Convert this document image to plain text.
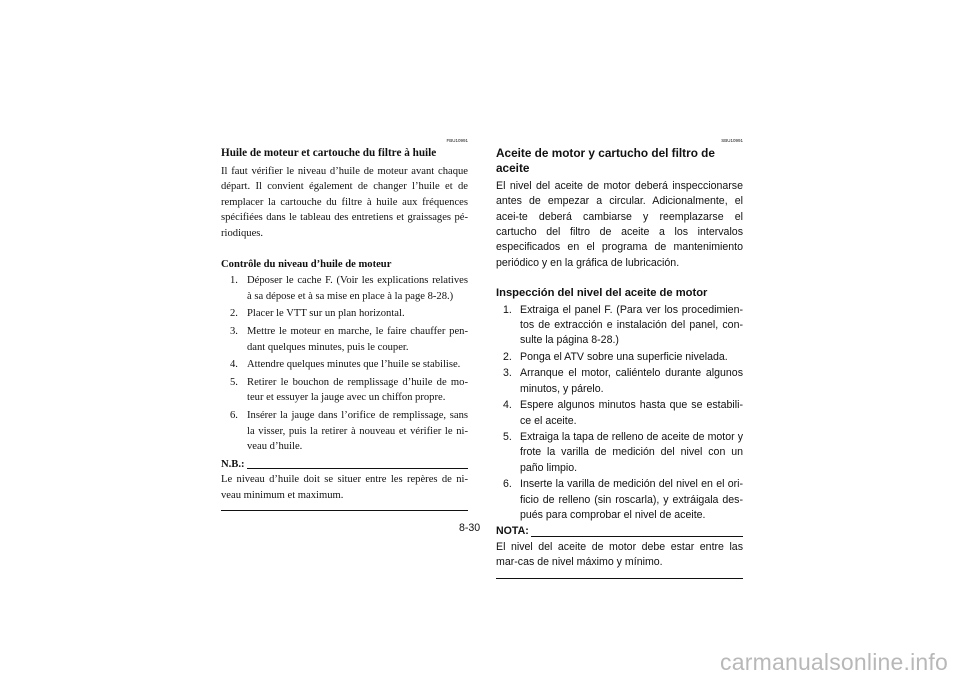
FBU10991
Huile de moteur et cartouche du filtre à huile

Il faut vérifier le niveau d’huile de moteur avant chaque départ. Il convient également de changer l’huile et de remplacer la cartouche du filtre à huile aux fréquences spécifiées dans le tableau des entretiens et graissages pé-riodiques.

Contrôle du niveau d’huile de moteur
1. Déposer le cache F. (Voir les explications relatives à sa dépose et à sa mise en place à la page 8-28.)
2. Placer le VTT sur un plan horizontal.
3. Mettre le moteur en marche, le faire chauffer pen-dant quelques minutes, puis le couper.
4. Attendre quelques minutes que l’huile se stabilise.
5. Retirer le bouchon de remplissage d’huile de mo-teur et essuyer la jauge avec un chiffon propre.
6. Insérer la jauge dans l’orifice de remplissage, sans la visser, puis la retirer à nouveau et vérifier le ni-veau d’huile.
N.B.:
Le niveau d’huile doit se situer entre les repères de ni-veau minimum et maximum.
SBU10991
Aceite de motor y cartucho del filtro de aceite

El nivel del aceite de motor deberá inspeccionarse antes de empezar a circular. Adicionalmente, el acei-te deberá cambiarse y reemplazarse el cartucho del filtro de aceite a los intervalos especificados en el programa de mantenimiento periódico y en la gráfica de lubricación.

Inspección del nivel del aceite de motor
1. Extraiga el panel F. (Para ver los procedimien-tos de extracción e instalación del panel, con-sulte la página 8-28.)
2. Ponga el ATV sobre una superficie nivelada.
3. Arranque el motor, caliéntelo durante algunos minutos, y párelo.
4. Espere algunos minutos hasta que se estabili-ce el aceite.
5. Extraiga la tapa de relleno de aceite de motor y frote la varilla de medición del nivel con un paño limpio.
6. Inserte la varilla de medición del nivel en el ori-ficio de relleno (sin roscarla), y extráigala des-pués para comprobar el nivel de aceite.
NOTA:
El nivel del aceite de motor debe estar entre las mar-cas de nivel máximo y mínimo.
8-30
carmanualsonline.info
